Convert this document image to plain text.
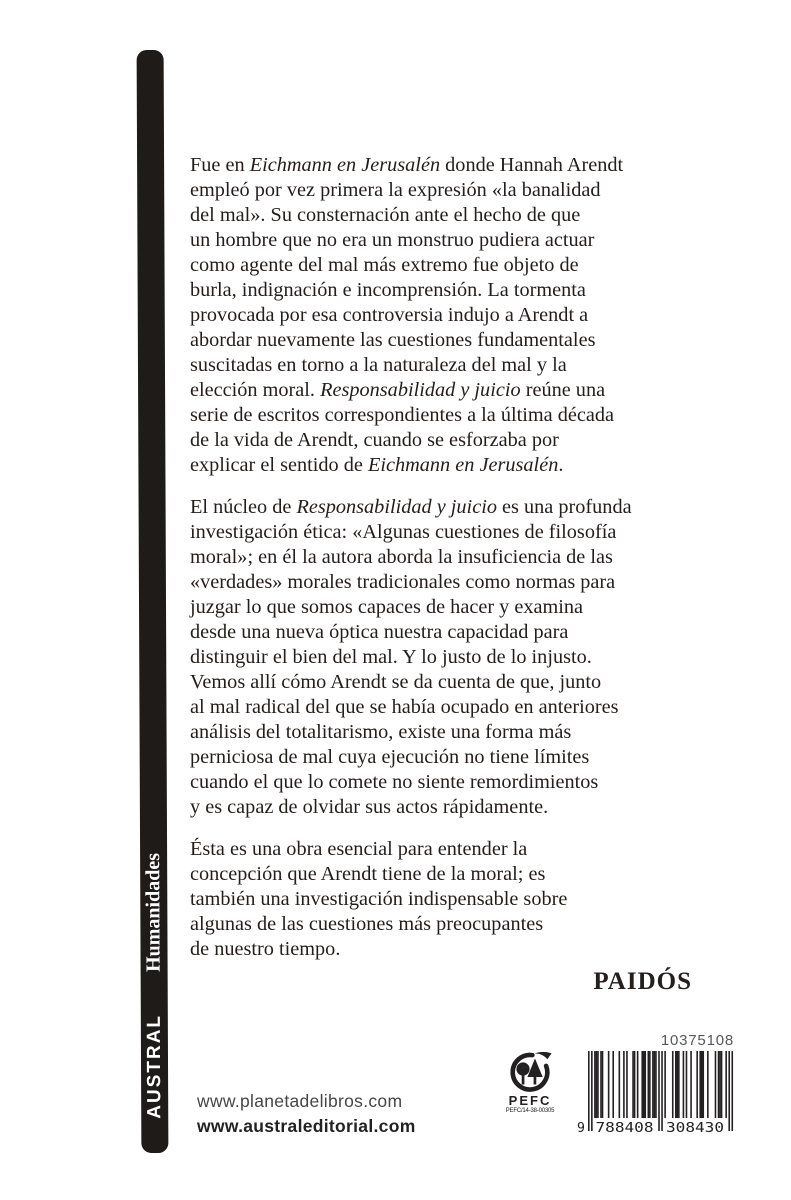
Humanidades
AUSTRAL
Fue en Eichmann en Jerusalén donde Hannah Arendt
empleó por vez primera la expresión «la banalidad
del mal». Su consternación ante el hecho de que
un hombre que no era un monstruo pudiera actuar
como agente del mal más extremo fue objeto de
burla, indignación e incomprensión. La tormenta
provocada por esa controversia indujo a Arendt a
abordar nuevamente las cuestiones fundamentales
suscitadas en torno a la naturaleza del mal y la
elección moral. Responsabilidad y juicio reúne una
serie de escritos correspondientes a la última década
de la vida de Arendt, cuando se esforzaba por
explicar el sentido de Eichmann en Jerusalén.
El núcleo de Responsabilidad y juicio es una profunda
investigación ética: «Algunas cuestiones de filosofía
moral»; en él la autora aborda la insuficiencia de las
«verdades» morales tradicionales como normas para
juzgar lo que somos capaces de hacer y examina
desde una nueva óptica nuestra capacidad para
distinguir el bien del mal. Y lo justo de lo injusto.
Vemos allí cómo Arendt se da cuenta de que, junto
al mal radical del que se había ocupado en anteriores
análisis del totalitarismo, existe una forma más
perniciosa de mal cuya ejecución no tiene límites
cuando el que lo comete no siente remordimientos
y es capaz de olvidar sus actos rápidamente.
Ésta es una obra esencial para entender la
concepción que Arendt tiene de la moral; es
también una investigación indispensable sobre
algunas de las cuestiones más preocupantes
de nuestro tiempo.
PAIDÓS
www.planetadelibros.com
www.australeditorial.com
PEFC
PEFC/14-38-00305
10375108
9 788408 308430
